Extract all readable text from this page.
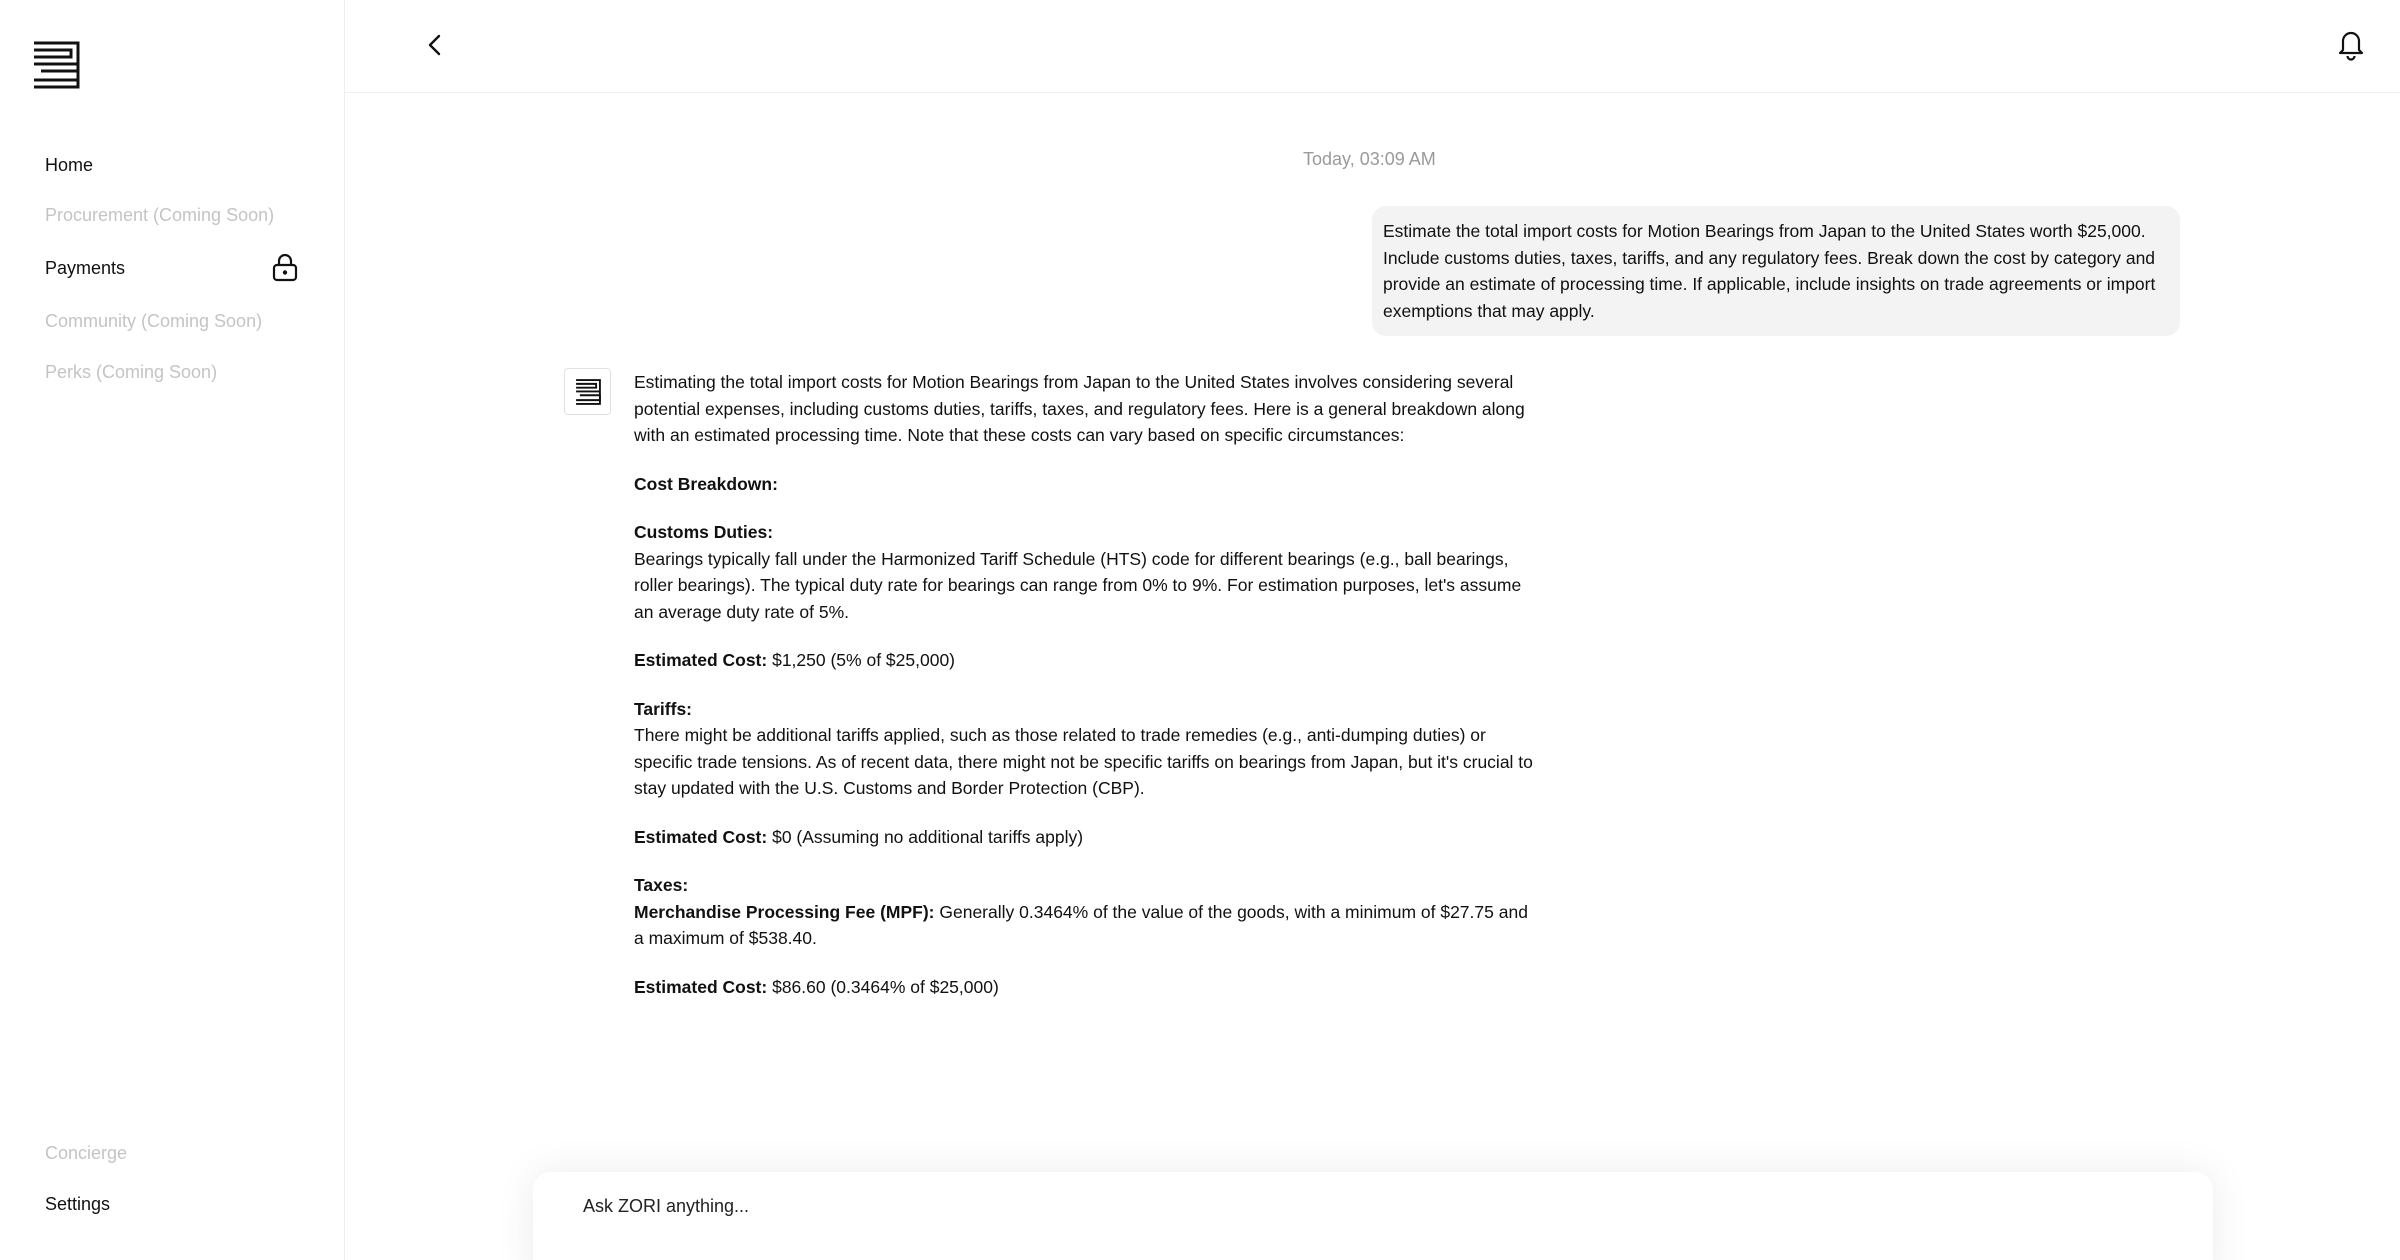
Home
Procurement (Coming Soon)
Payments
Community (Coming Soon)
Perks (Coming Soon)
Concierge
Settings
Today, 03:09 AM
Estimate the total import costs for Motion Bearings from Japan to the United States worth $25,000. Include customs duties, taxes, tariffs, and any regulatory fees. Break down the cost by category and provide an estimate of processing time. If applicable, include insights on trade agreements or import exemptions that may apply.

Estimating the total import costs for Motion Bearings from Japan to the United States involves considering several potential expenses, including customs duties, tariffs, taxes, and regulatory fees. Here is a general breakdown along with an estimated processing time. Note that these costs can vary based on specific circumstances:

Cost Breakdown:

Customs Duties:
Bearings typically fall under the Harmonized Tariff Schedule (HTS) code for different bearings (e.g., ball bearings, roller bearings). The typical duty rate for bearings can range from 0% to 9%. For estimation purposes, let's assume an average duty rate of 5%.

Estimated Cost: $1,250 (5% of $25,000)

Tariffs:
There might be additional tariffs applied, such as those related to trade remedies (e.g., anti-dumping duties) or specific trade tensions. As of recent data, there might not be specific tariffs on bearings from Japan, but it's crucial to stay updated with the U.S. Customs and Border Protection (CBP).

Estimated Cost: $0 (Assuming no additional tariffs apply)

Taxes:
Merchandise Processing Fee (MPF): Generally 0.3464% of the value of the goods, with a minimum of $27.75 and a maximum of $538.40.

Estimated Cost: $86.60 (0.3464% of $25,000)

Ask ZORI anything...
